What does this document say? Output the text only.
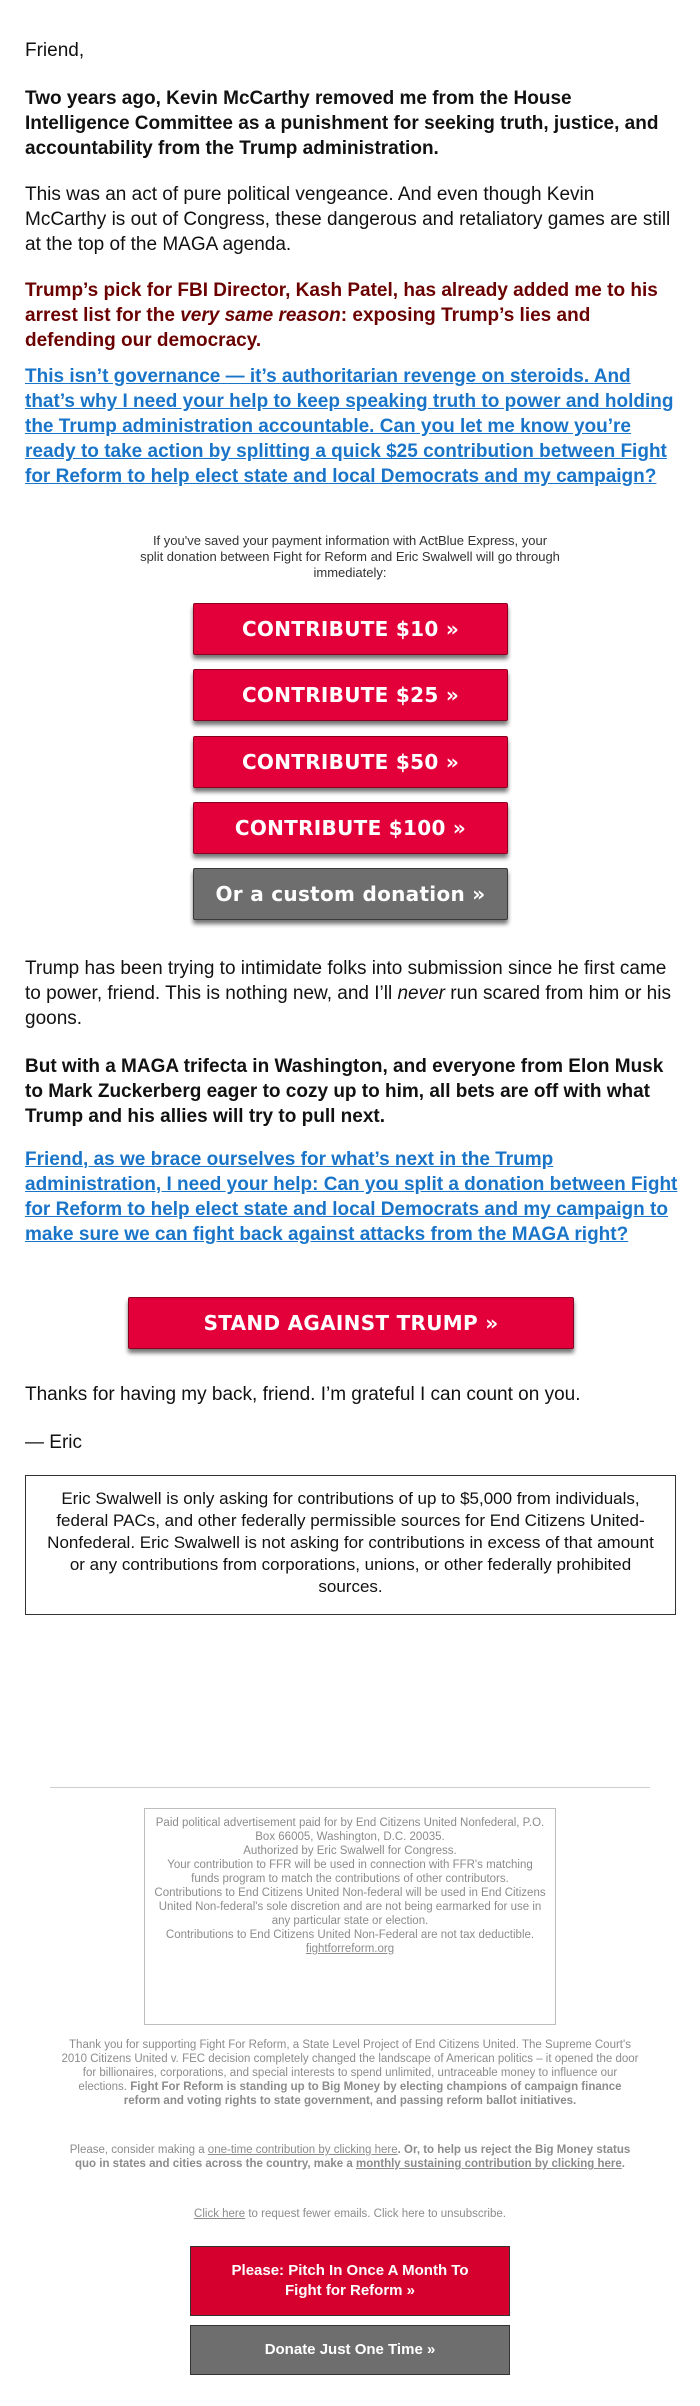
Friend,

Two years ago, Kevin McCarthy removed me from the House Intelligence Committee as a punishment for seeking truth, justice, and accountability from the Trump administration.

This was an act of pure political vengeance. And even though Kevin McCarthy is out of Congress, these dangerous and retaliatory games are still at the top of the MAGA agenda.

Trump’s pick for FBI Director, Kash Patel, has already added me to his arrest list for the very same reason: exposing Trump’s lies and defending our democracy.

This isn’t governance — it’s authoritarian revenge on steroids. And that’s why I need your help to keep speaking truth to power and holding the Trump administration accountable. Can you let me know you’re ready to take action by splitting a quick $25 contribution between Fight for Reform to help elect state and local Democrats and my campaign?

If you've saved your payment information with ActBlue Express, your split donation between Fight for Reform and Eric Swalwell will go through immediately:

CONTRIBUTE $10 »
CONTRIBUTE $25 »
CONTRIBUTE $50 »
CONTRIBUTE $100 »
Or a custom donation »

Trump has been trying to intimidate folks into submission since he first came to power, friend. This is nothing new, and I’ll never run scared from him or his goons.

But with a MAGA trifecta in Washington, and everyone from Elon Musk to Mark Zuckerberg eager to cozy up to him, all bets are off with what Trump and his allies will try to pull next.

Friend, as we brace ourselves for what’s next in the Trump administration, I need your help: Can you split a donation between Fight for Reform to help elect state and local Democrats and my campaign to make sure we can fight back against attacks from the MAGA right?
STAND AGAINST TRUMP »

Thanks for having my back, friend. I’m grateful I can count on you.

— Eric

Eric Swalwell is only asking for contributions of up to $5,000 from individuals, federal PACs, and other federally permissible sources for End Citizens United-Nonfederal. Eric Swalwell is not asking for contributions in excess of that amount or any contributions from corporations, unions, or other federally prohibited sources.
Paid political advertisement paid for by End Citizens United Nonfederal, P.O. Box 66005, Washington, D.C. 20035.
Authorized by Eric Swalwell for Congress.
Your contribution to FFR will be used in connection with FFR's matching funds program to match the contributions of other contributors.
Contributions to End Citizens United Non-federal will be used in End Citizens United Non-federal's sole discretion and are not being earmarked for use in any particular state or election.
Contributions to End Citizens United Non-Federal are not tax deductible.
fightforreform.org

Thank you for supporting Fight For Reform, a State Level Project of End Citizens United. The Supreme Court's 2010 Citizens United v. FEC decision completely changed the landscape of American politics – it opened the door for billionaires, corporations, and special interests to spend unlimited, untraceable money to influence our elections. Fight For Reform is standing up to Big Money by electing champions of campaign finance reform and voting rights to state government, and passing reform ballot initiatives.

Please, consider making a one-time contribution by clicking here. Or, to help us reject the Big Money status quo in states and cities across the country, make a monthly sustaining contribution by clicking here.

Click here to request fewer emails. Click here to unsubscribe.

Please: Pitch In Once A Month To Fight for Reform »
Donate Just One Time »
